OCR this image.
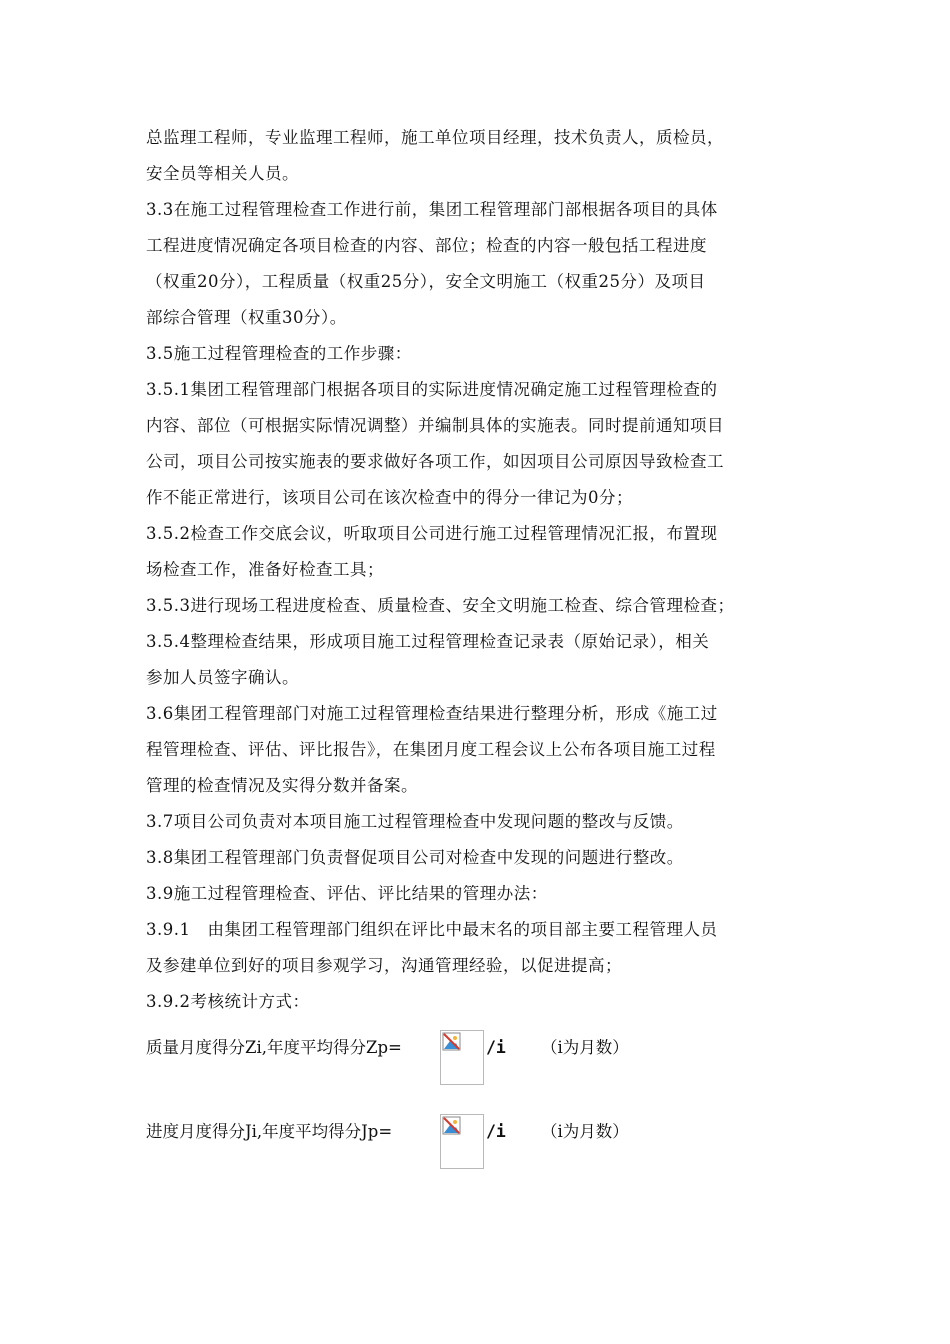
总监理工程师，专业监理工程师，施工单位项目经理，技术负责人，质检员，
安全员等相关人员。
3.3在施工过程管理检查工作进行前，集团工程管理部门部根据各项目的具体
工程进度情况确定各项目检查的内容、部位；检查的内容一般包括工程进度
（权重20分），工程质量（权重25分），安全文明施工（权重25分）及项目
部综合管理（权重30分）。
3.5施工过程管理检查的工作步骤：
3.5.1集团工程管理部门根据各项目的实际进度情况确定施工过程管理检查的
内容、部位（可根据实际情况调整）并编制具体的实施表。同时提前通知项目
公司，项目公司按实施表的要求做好各项工作，如因项目公司原因导致检查工
作不能正常进行，该项目公司在该次检查中的得分一律记为0分；
3.5.2检查工作交底会议，听取项目公司进行施工过程管理情况汇报，布置现
场检查工作，准备好检查工具；
3.5.3进行现场工程进度检查、质量检查、安全文明施工检查、综合管理检查；
3.5.4整理检查结果，形成项目施工过程管理检查记录表（原始记录），相关
参加人员签字确认。
3.6集团工程管理部门对施工过程管理检查结果进行整理分析，形成《施工过
程管理检查、评估、评比报告》，在集团月度工程会议上公布各项目施工过程
管理的检查情况及实得分数并备案。
3.7项目公司负责对本项目施工过程管理检查中发现问题的整改与反馈。
3.8集团工程管理部门负责督促项目公司对检查中发现的问题进行整改。
3.9施工过程管理检查、评估、评比结果的管理办法：
3.9.1　由集团工程管理部门组织在评比中最末名的项目部主要工程管理人员
及参建单位到好的项目参观学习，沟通管理经验，以促进提高；
3.9.2考核统计方式：
质量月度得分Zi,年度平均得分Zp=	/i （i为月数）
进度月度得分Ji,年度平均得分Jp=	/i （i为月数）
